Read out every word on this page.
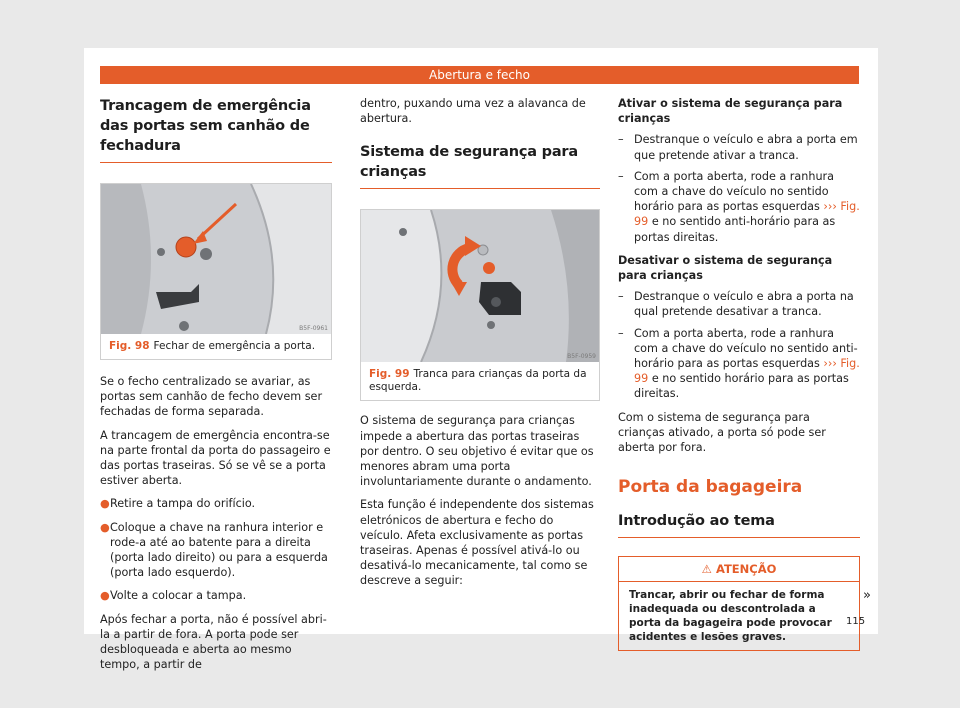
Abertura e fecho
Trancagem de emergência das portas sem canhão de fechadura
B5F-0961
Fig. 98 Fechar de emergência a porta.

Se o fecho centralizado se avariar, as portas sem canhão de fecho devem ser fechadas de forma separada.

A trancagem de emergência encontra-se na parte frontal da porta do passageiro e das portas traseiras. Só se vê se a porta estiver aberta.

● Retire a tampa do orifício.
● Coloque a chave na ranhura interior e rode-a até ao batente para a direita (porta lado direito) ou para a esquerda (porta lado esquerdo).
● Volte a colocar a tampa.

Após fechar a porta, não é possível abri-la a partir de fora. A porta pode ser desbloqueada e aberta ao mesmo tempo, a partir de

dentro, puxando uma vez a alavanca de abertura.

Sistema de segurança para crianças
B5F-0959
Fig. 99 Tranca para crianças da porta da esquerda.

O sistema de segurança para crianças impede a abertura das portas traseiras por dentro. O seu objetivo é evitar que os menores abram uma porta involuntariamente durante o andamento.

Esta função é independente dos sistemas eletrónicos de abertura e fecho do veículo. Afeta exclusivamente as portas traseiras. Apenas é possível ativá-lo ou desativá-lo mecanicamente, tal como se descreve a seguir:

Ativar o sistema de segurança para crianças
– Destranque o veículo e abra a porta em que pretende ativar a tranca.
– Com a porta aberta, rode a ranhura com a chave do veículo no sentido horário para as portas esquerdas ››› Fig. 99 e no sentido anti-horário para as portas direitas.
Desativar o sistema de segurança para crianças
– Destranque o veículo e abra a porta na qual pretende desativar a tranca.
– Com a porta aberta, rode a ranhura com a chave do veículo no sentido anti-horário para as portas esquerdas ››› Fig. 99 e no sentido horário para as portas direitas.

Com o sistema de segurança para crianças ativado, a porta só pode ser aberta por fora.

Porta da bagageira
Introdução ao tema
⚠ ATENÇÃO
Trancar, abrir ou fechar de forma inadequada ou descontrolada a porta da bagageira pode provocar acidentes e lesões graves.
»
115
